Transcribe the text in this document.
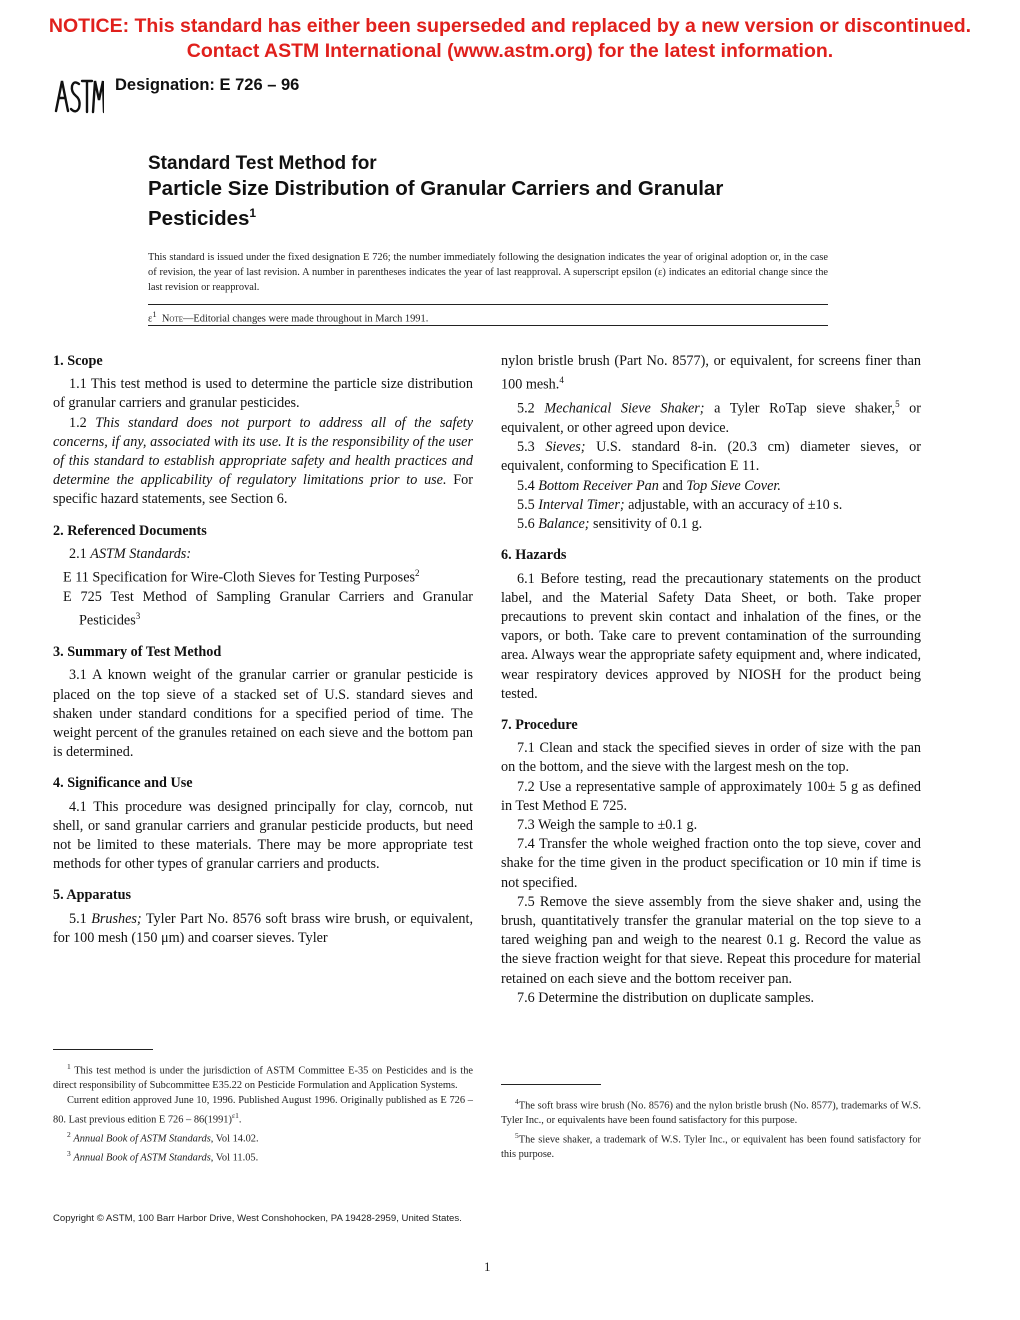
NOTICE: This standard has either been superseded and replaced by a new version or discontinued.
Contact ASTM International (www.astm.org) for the latest information.
Designation: E 726 – 96
Standard Test Method for
Particle Size Distribution of Granular Carriers and Granular
Pesticides$^1$
This standard is issued under the fixed designation E 726; the number immediately following the designation indicates the year of original adoption or, in the case of revision, the year of last revision. A number in parentheses indicates the year of last reapproval. A superscript epsilon (ε) indicates an editorial change since the last revision or reapproval.
$\varepsilon^1$ Note—Editorial changes were made throughout in March 1991.
1. Scope

1.1 This test method is used to determine the particle size distribution of granular carriers and granular pesticides.

1.2 This standard does not purport to address all of the safety concerns, if any, associated with its use. It is the responsibility of the user of this standard to establish appropriate safety and health practices and determine the applicability of regulatory limitations prior to use. For specific hazard statements, see Section 6.

2. Referenced Documents

2.1 ASTM Standards:

E 11 Specification for Wire-Cloth Sieves for Testing Purposes$^2$

E 725 Test Method of Sampling Granular Carriers and Granular Pesticides$^3$

3. Summary of Test Method

3.1 A known weight of the granular carrier or granular pesticide is placed on the top sieve of a stacked set of U.S. standard sieves and shaken under standard conditions for a specified period of time. The weight percent of the granules retained on each sieve and the bottom pan is determined.

4. Significance and Use

4.1 This procedure was designed principally for clay, corncob, nut shell, or sand granular carriers and granular pesticide products, but need not be limited to these materials. There may be more appropriate test methods for other types of granular carriers and products.

5. Apparatus

5.1 Brushes; Tyler Part No. 8576 soft brass wire brush, or equivalent, for 100 mesh (150 μm) and coarser sieves. Tyler

nylon bristle brush (Part No. 8577), or equivalent, for screens finer than 100 mesh.$^4$

5.2 Mechanical Sieve Shaker; a Tyler RoTap sieve shaker,$^5$ or equivalent, or other agreed upon device.

5.3 Sieves; U.S. standard 8-in. (20.3 cm) diameter sieves, or equivalent, conforming to Specification E 11.

5.4 Bottom Receiver Pan and Top Sieve Cover.

5.5 Interval Timer; adjustable, with an accuracy of ±10 s.

5.6 Balance; sensitivity of 0.1 g.

6. Hazards

6.1 Before testing, read the precautionary statements on the product label, and the Material Safety Data Sheet, or both. Take proper precautions to prevent skin contact and inhalation of the fines, or the vapors, or both. Take care to prevent contamination of the surrounding area. Always wear the appropriate safety equipment and, where indicated, wear respiratory devices approved by NIOSH for the product being tested.

7. Procedure

7.1 Clean and stack the specified sieves in order of size with the pan on the bottom, and the sieve with the largest mesh on the top.

7.2 Use a representative sample of approximately 100± 5 g as defined in Test Method E 725.

7.3 Weigh the sample to ±0.1 g.

7.4 Transfer the whole weighed fraction onto the top sieve, cover and shake for the time given in the product specification or 10 min if time is not specified.

7.5 Remove the sieve assembly from the sieve shaker and, using the brush, quantitatively transfer the granular material on the top sieve to a tared weighing pan and weigh to the nearest 0.1 g. Record the value as the sieve fraction weight for that sieve. Repeat this procedure for material retained on each sieve and the bottom receiver pan.

7.6 Determine the distribution on duplicate samples.

$^1$ This test method is under the jurisdiction of ASTM Committee E-35 on Pesticides and is the direct responsibility of Subcommittee E35.22 on Pesticide Formulation and Application Systems.

Current edition approved June 10, 1996. Published August 1996. Originally published as E 726 – 80. Last previous edition E $726 - 86(1991)^{\varepsilon 1}$.

$^2$ Annual Book of ASTM Standards, Vol 14.02.

$^3$ Annual Book of ASTM Standards, Vol 11.05.

$^4$The soft brass wire brush (No. 8576) and the nylon bristle brush (No. 8577), trademarks of W.S. Tyler Inc., or equivalents have been found satisfactory for this purpose.

$^5$The sieve shaker, a trademark of W.S. Tyler Inc., or equivalent has been found satisfactory for this purpose.

Copyright © ASTM, 100 Barr Harbor Drive, West Conshohocken, PA 19428-2959, United States.
1
